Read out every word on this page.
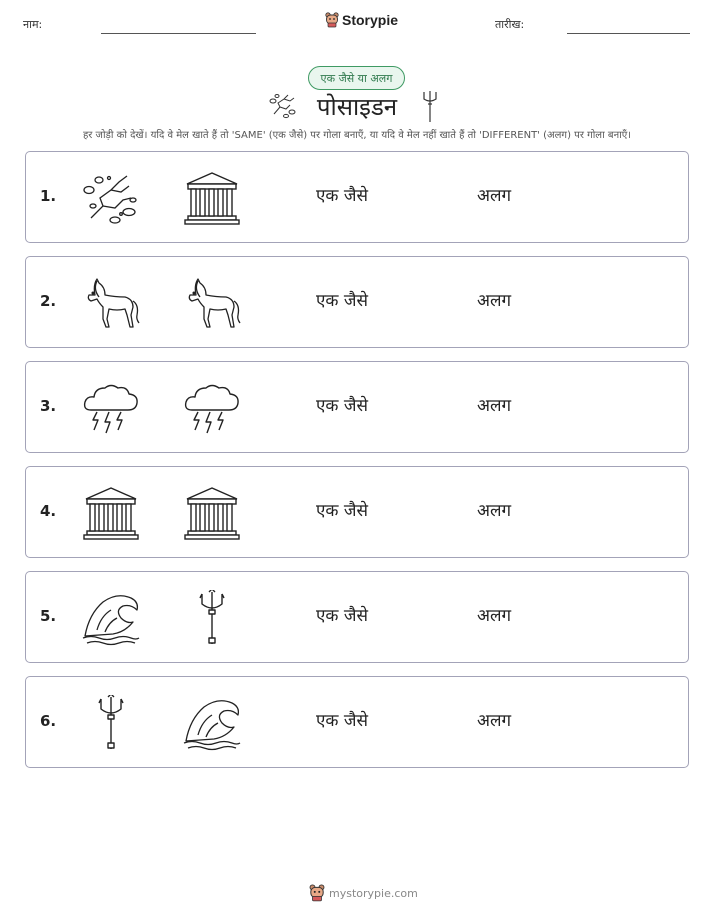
नाम:	Storypie	तारीख:
एक जैसे या अलग
पोसाइडन
हर जोड़ी को देखें। यदि वे मेल खाते हैं तो 'SAME' (एक जैसे) पर गोला बनाएँ, या यदि वे मेल नहीं खाते हैं तो 'DIFFERENT' (अलग) पर गोला बनाएँ।
1.	एक जैसे	अलग
2.	एक जैसे	अलग
3.	एक जैसे	अलग
4.	एक जैसे	अलग
5.	एक जैसे	अलग
6.	एक जैसे	अलग
mystorypie.com
